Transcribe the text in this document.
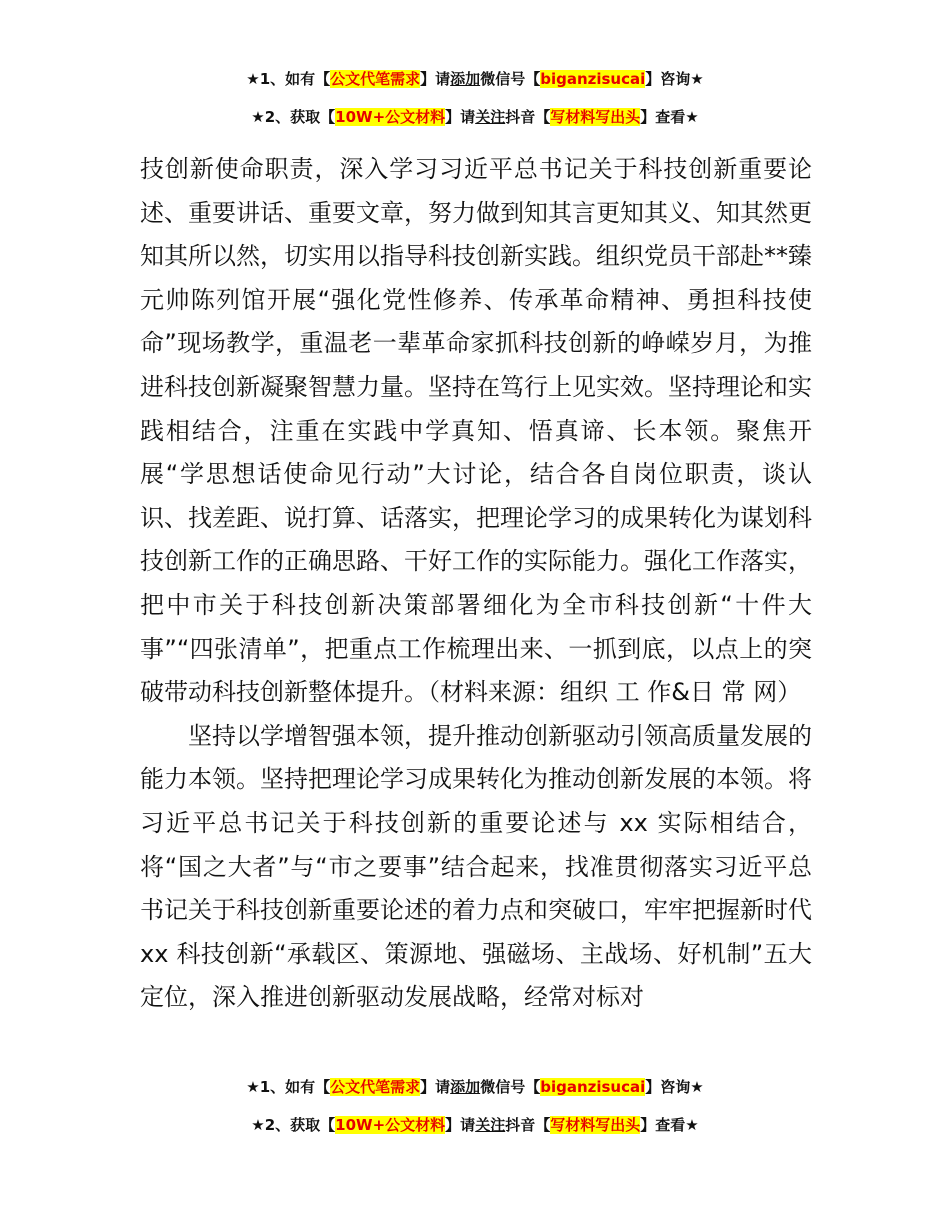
★1、如有【公文代笔需求】请添加微信号【biganzisucai】咨询★
★2、获取【10W+公文材料】请关注抖音【写材料写出头】查看★

技创新使命职责，深入学习习近平总书记关于科技创新重要论述、重要讲话、重要文章，努力做到知其言更知其义、知其然更知其所以然，切实用以指导科技创新实践。组织党员干部赴**臻元帅陈列馆开展“强化党性修养、传承革命精神、勇担科技使命”现场教学，重温老一辈革命家抓科技创新的峥嵘岁月，为推进科技创新凝聚智慧力量。坚持在笃行上见实效。坚持理论和实践相结合，注重在实践中学真知、悟真谛、长本领。聚焦开展“学思想话使命见行动”大讨论，结合各自岗位职责，谈认识、找差距、说打算、话落实，把理论学习的成果转化为谋划科技创新工作的正确思路、干好工作的实际能力。强化工作落实，把中市关于科技创新决策部署细化为全市科技创新“十件大事”“四张清单”，把重点工作梳理出来、一抓到底，以点上的突破带动科技创新整体提升。（材料来源：组织 工 作&日 常 网）

坚持以学增智强本领，提升推动创新驱动引领高质量发展的能力本领。坚持把理论学习成果转化为推动创新发展的本领。将习近平总书记关于科技创新的重要论述与 xx 实际相结合，将“国之大者”与“市之要事”结合起来，找准贯彻落实习近平总书记关于科技创新重要论述的着力点和突破口，牢牢把握新时代 xx 科技创新“承载区、策源地、强磁场、主战场、好机制”五大定位，深入推进创新驱动发展战略，经常对标对

★1、如有【公文代笔需求】请添加微信号【biganzisucai】咨询★
★2、获取【10W+公文材料】请关注抖音【写材料写出头】查看★
